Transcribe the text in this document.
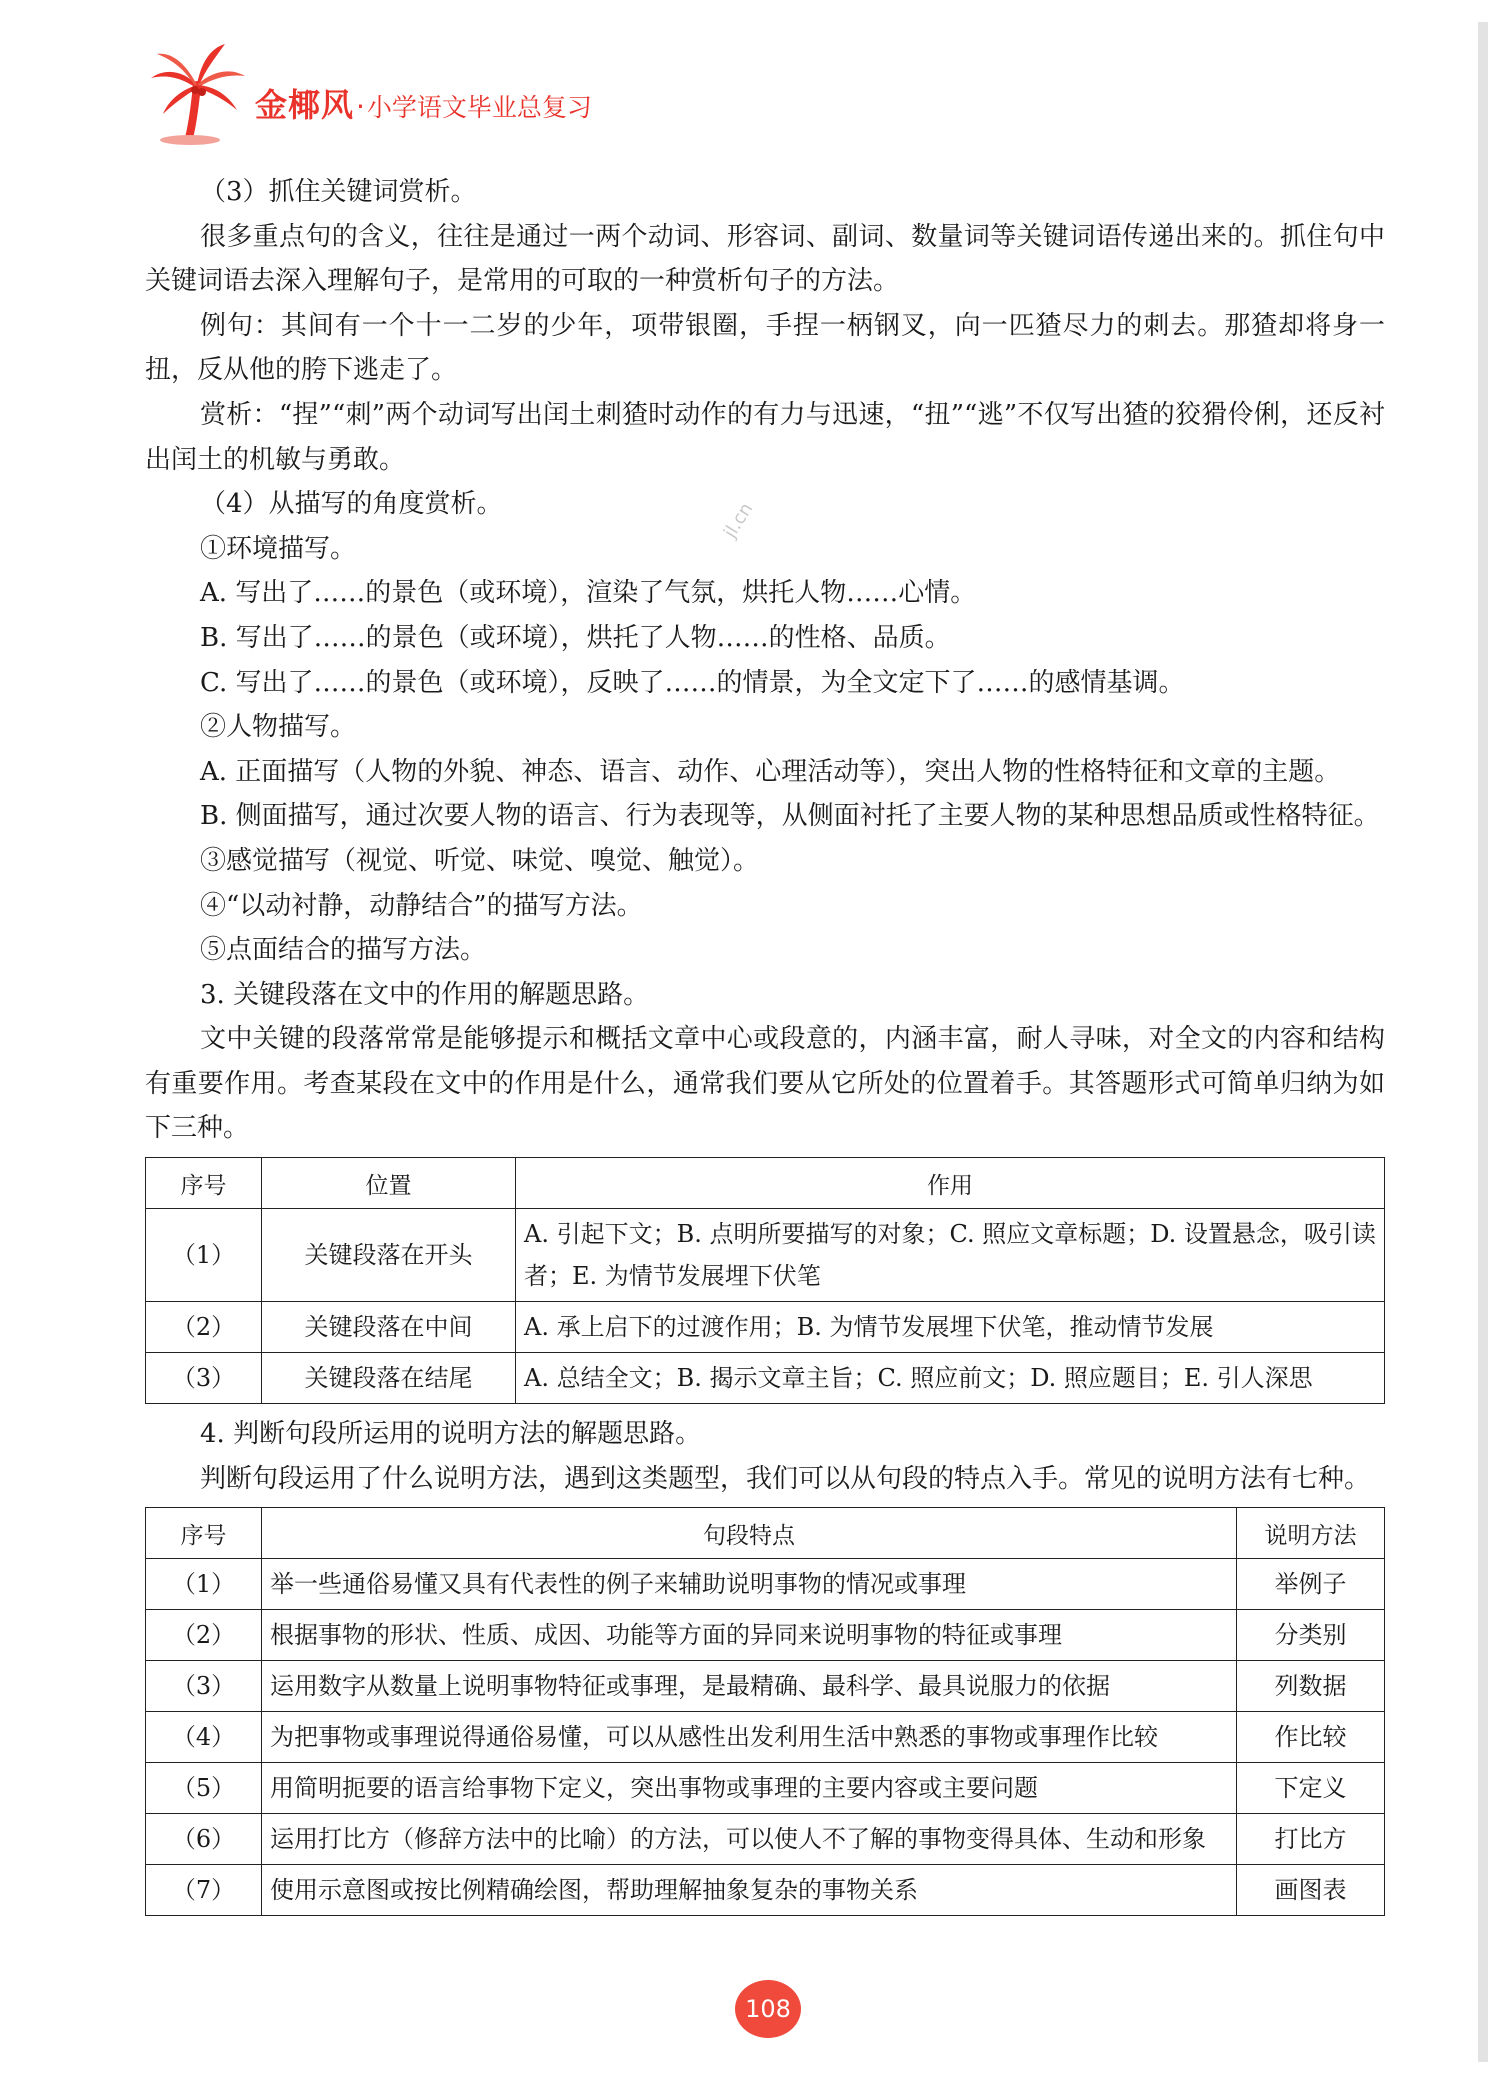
金椰风·小学语文毕业总复习
jl.cn

（3）抓住关键词赏析。

很多重点句的含义，往往是通过一两个动词、形容词、副词、数量词等关键词语传递出来的。抓住句中关键词语去深入理解句子，是常用的可取的一种赏析句子的方法。

例句：其间有一个十一二岁的少年，项带银圈，手捏一柄钢叉，向一匹猹尽力的刺去。那猹却将身一扭，反从他的胯下逃走了。

赏析：“捏”“刺”两个动词写出闰土刺猹时动作的有力与迅速，“扭”“逃”不仅写出猹的狡猾伶俐，还反衬出闰土的机敏与勇敢。

（4）从描写的角度赏析。

①环境描写。

A. 写出了……的景色（或环境），渲染了气氛，烘托人物……心情。

B. 写出了……的景色（或环境），烘托了人物……的性格、品质。

C. 写出了……的景色（或环境），反映了……的情景，为全文定下了……的感情基调。

②人物描写。

A. 正面描写（人物的外貌、神态、语言、动作、心理活动等），突出人物的性格特征和文章的主题。

B. 侧面描写，通过次要人物的语言、行为表现等，从侧面衬托了主要人物的某种思想品质或性格特征。

③感觉描写（视觉、听觉、味觉、嗅觉、触觉）。

④“以动衬静，动静结合”的描写方法。

⑤点面结合的描写方法。

3. 关键段落在文中的作用的解题思路。

文中关键的段落常常是能够提示和概括文章中心或段意的，内涵丰富，耐人寻味，对全文的内容和结构有重要作用。考查某段在文中的作用是什么，通常我们要从它所处的位置着手。其答题形式可简单归纳为如下三种。

序号	位置	作用
（1）	关键段落在开头	A. 引起下文；B. 点明所要描写的对象；C. 照应文章标题；D. 设置悬念，吸引读者；E. 为情节发展埋下伏笔
（2）	关键段落在中间	A. 承上启下的过渡作用；B. 为情节发展埋下伏笔，推动情节发展
（3）	关键段落在结尾	A. 总结全文；B. 揭示文章主旨；C. 照应前文；D. 照应题目；E. 引人深思

4. 判断句段所运用的说明方法的解题思路。

判断句段运用了什么说明方法，遇到这类题型，我们可以从句段的特点入手。常见的说明方法有七种。

序号	句段特点	说明方法
（1）	举一些通俗易懂又具有代表性的例子来辅助说明事物的情况或事理	举例子
（2）	根据事物的形状、性质、成因、功能等方面的异同来说明事物的特征或事理	分类别
（3）	运用数字从数量上说明事物特征或事理，是最精确、最科学、最具说服力的依据	列数据
（4）	为把事物或事理说得通俗易懂，可以从感性出发利用生活中熟悉的事物或事理作比较	作比较
（5）	用简明扼要的语言给事物下定义，突出事物或事理的主要内容或主要问题	下定义
（6）	运用打比方（修辞方法中的比喻）的方法，可以使人不了解的事物变得具体、生动和形象	打比方
（7）	使用示意图或按比例精确绘图，帮助理解抽象复杂的事物关系	画图表
108
